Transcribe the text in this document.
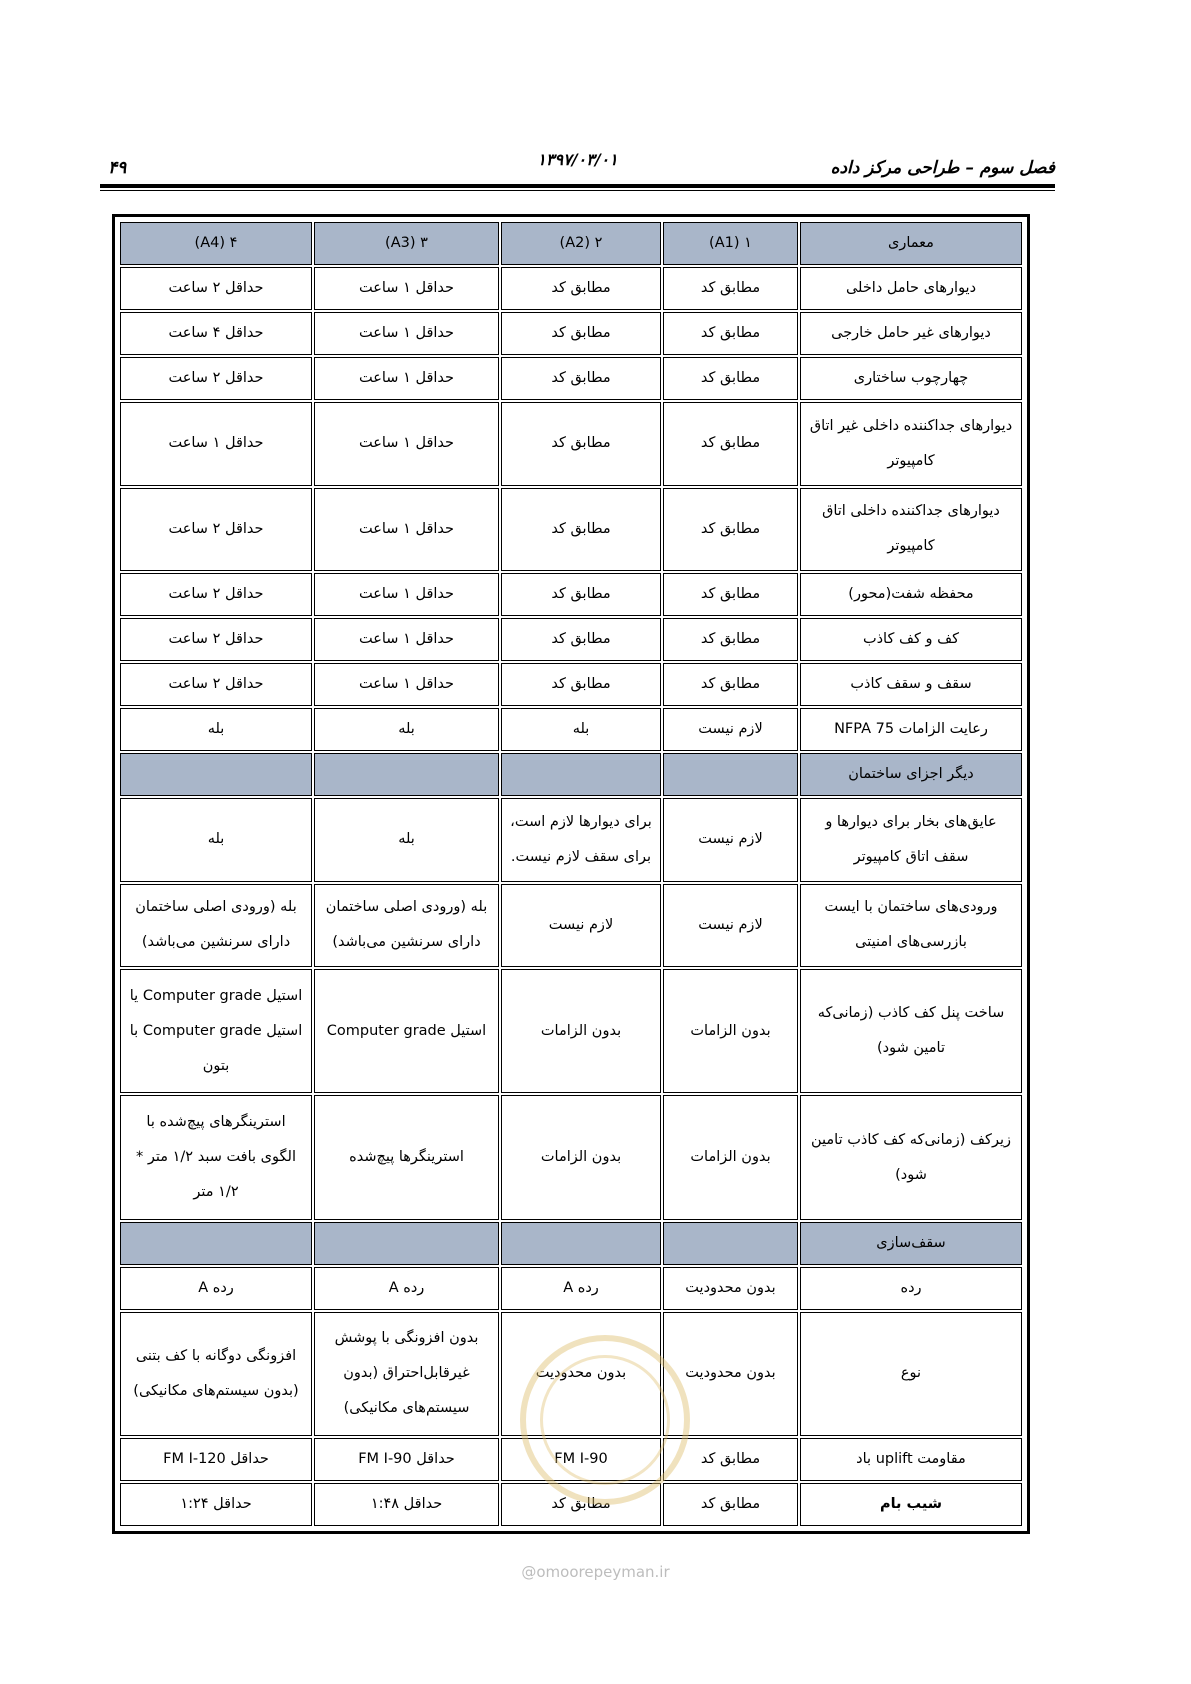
فصل سوم – طراحی مرکز داده
۱۳۹۷/۰۳/۰۱
۴۹
معماری	۱ (A1)	۲ (A2)	۳ (A3)	۴ (A4)
دیوارهای حامل داخلی	مطابق کد	مطابق کد	حداقل ۱ ساعت	حداقل ۲ ساعت
دیوارهای غیر حامل خارجی	مطابق کد	مطابق کد	حداقل ۱ ساعت	حداقل ۴ ساعت
چهارچوب ساختاری	مطابق کد	مطابق کد	حداقل ۱ ساعت	حداقل ۲ ساعت
دیوارهای جداکننده داخلی غیر اتاق کامپیوتر	مطابق کد	مطابق کد	حداقل ۱ ساعت	حداقل ۱ ساعت
دیوارهای جداکننده داخلی اتاق کامپیوتر	مطابق کد	مطابق کد	حداقل ۱ ساعت	حداقل ۲ ساعت
محفظه شفت(محور)	مطابق کد	مطابق کد	حداقل ۱ ساعت	حداقل ۲ ساعت
کف و کف کاذب	مطابق کد	مطابق کد	حداقل ۱ ساعت	حداقل ۲ ساعت
سقف و سقف کاذب	مطابق کد	مطابق کد	حداقل ۱ ساعت	حداقل ۲ ساعت
رعایت الزامات NFPA 75	لازم نیست	بله	بله	بله
دیگر اجزای ساختمان				
عایق‌های بخار برای دیوارها و سقف اتاق کامپیوتر	لازم نیست	برای دیوارها لازم است، برای سقف لازم نیست.	بله	بله
ورودی‌های ساختمان با ایست بازرسی‌های امنیتی	لازم نیست	لازم نیست	بله (ورودی اصلی ساختمان دارای سرنشین می‌باشد)	بله (ورودی اصلی ساختمان دارای سرنشین می‌باشد)
ساخت پنل کف کاذب (زمانی‌که تامین شود)	بدون الزامات	بدون الزامات	استیل Computer grade	استیل Computer grade یا استیل Computer grade با بتون
زیرکف (زمانی‌که کف کاذب تامین شود)	بدون الزامات	بدون الزامات	استرینگرها پیچ‌شده	استرینگرهای پیچ‌شده با الگوی بافت سبد ۱/۲ متر * ۱/۲ متر
سقف‌سازی				
رده	بدون محدودیت	رده A	رده A	رده A
نوع	بدون محدودیت	بدون محدودیت	بدون افزونگی با پوشش غیرقابل‌احتراق (بدون سیستم‌های مکانیکی)	افزونگی دوگانه با کف بتنی (بدون سیستم‌های مکانیکی)
مقاومت uplift باد	مطابق کد	FM I-90	حداقل FM I-90	حداقل FM I-120
شیب بام	مطابق کد	مطابق کد	حداقل ۱:۴۸	حداقل ۱:۲۴
@omoorepeyman.ir
